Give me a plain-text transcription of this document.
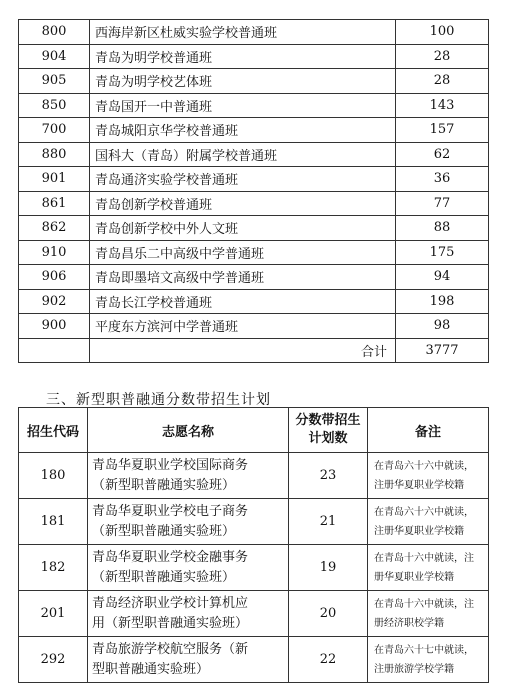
800	西海岸新区杜威实验学校普通班	100
904	青岛为明学校普通班	28
905	青岛为明学校艺体班	28
850	青岛国开一中普通班	143
700	青岛城阳京华学校普通班	157
880	国科大（青岛）附属学校普通班	62
901	青岛通济实验学校普通班	36
861	青岛创新学校普通班	77
862	青岛创新学校中外人文班	88
910	青岛昌乐二中高级中学普通班	175
906	青岛即墨培文高级中学普通班	94
902	青岛长江学校普通班	198
900	平度东方滨河中学普通班	98
	合计	3777
三、新型职普融通分数带招生计划
招生代码	志愿名称	分数带招生
计划数	备注
180	青岛华夏职业学校国际商务
（新型职普融通实验班）	23	在青岛六十六中就读，
注册华夏职业学校籍
181	青岛华夏职业学校电子商务
（新型职普融通实验班）	21	在青岛六十六中就读，
注册华夏职业学校籍
182	青岛华夏职业学校金融事务
（新型职普融通实验班）	19	在青岛十六中就读，注
册华夏职业学校籍
201	青岛经济职业学校计算机应
用（新型职普融通实验班）	20	在青岛十六中就读，注
册经济职校学籍
292	青岛旅游学校航空服务（新
型职普融通实验班）	22	在青岛六十七中就读，
注册旅游学校学籍
